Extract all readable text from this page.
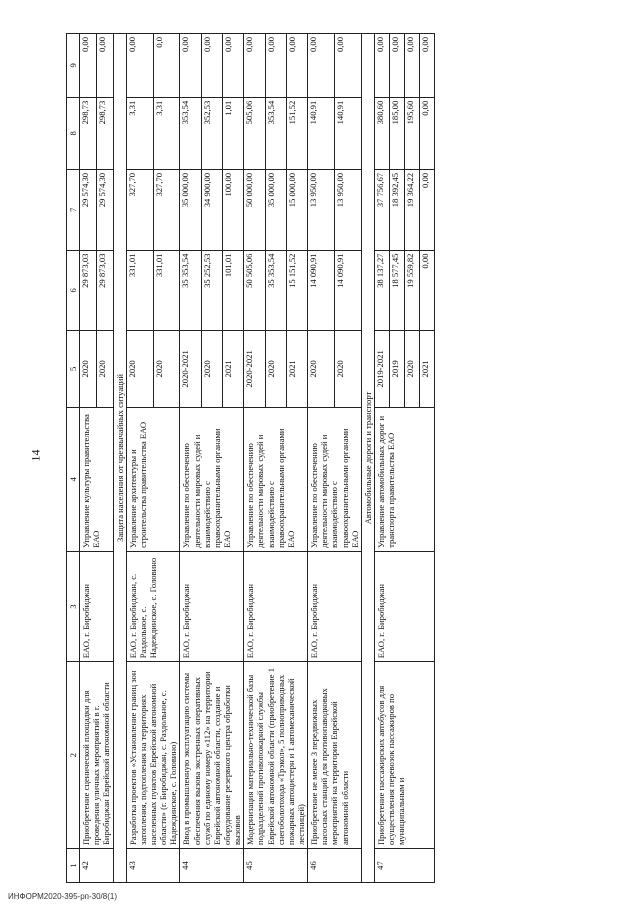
14
1	2	3	4	5	6	7	8	9
42	Приобретение сценической площадки для проведения уличных мероприятий в г. Биробиджан Еврейской автономной области	ЕАО, г. Биробиджан	Управление культуры правительства ЕАО	2020	29 873,03	29 574,30	298,73	0,00
				2020	29 873,03	29 574,30	298,73	0,00
Защита населения от чрезвычайных ситуаций								
43	Разработка проектов «Установление границ зон затопления, подтопления на территориях населенных пунктов Еврейской автономной области» (г. Биробиджан, с. Раздольное, с. Надеждинское, с. Головино)	ЕАО, г. Биробиджан, с. Раздольное, с. Надеждинское, с. Головино	Управление архитектуры и строительства правительства ЕАО	2020	331,01	327,70	3,31	0,00
				2020	331,01	327,70	3,31	0,0
44	Ввод в промышленную эксплуатацию системы обеспечения вызова экстренных оперативных служб по единому номеру «112» на территории Еврейской автономной области, создание и оборудование резервного центра обработки вызовов	ЕАО, г. Биробиджан	Управление по обеспечению деятельности мировых судей и взаимодействию с правоохранительными органами ЕАО	2020-2021	35 353,54	35 000,00	353,54	0,00
				2020	35 252,53	34 900,00	352,53	0,00
				2021	101,01	100,00	1,01	0,00
45	Модернизация материально-технической базы подразделений противопожарной службы Еврейской автономной области (приобретение 1 снегоболотохода «Трэкол», 5 полноприводных пожарных автоцистерн и 1 автомеханической лестницей)	ЕАО, г. Биробиджан	Управление по обеспечению деятельности мировых судей и взаимодействию с правоохранительными органами ЕАО	2020-2021	50 505,06	50 000,00	505,06	0,00
				2020	35 353,54	35 000,00	353,54	0,00
				2021	15 151,52	15 000,00	151,52	0,00
46	Приобретение не менее 3 передвижных насосных станций для противопаводковых мероприятий на территории Еврейской автономной области	ЕАО, г. Биробиджан	Управление по обеспечению деятельности мировых судей и взаимодействию с правоохранительными органами ЕАО	2020	14 090,91	13 950,00	140,91	0,00
				2020	14 090,91	13 950,00	140,91	0,00
Автомобильные дороги и транспорт								
47	Приобретение пассажирских автобусов для осуществления перевозок пассажиров по муниципальным и	ЕАО, г. Биробиджан	Управление автомобильных дорог и транспорта правительства ЕАО	2019-2021	38 137,27	37 756,67	380,60	0,00
				2019	18 577,45	18 392,45	185,00	0,00
				2020	19 559,82	19 364,22	195,60	0,00
				2021	0,00	0,00	0,00	0,00
ИНФОРМ2020-395-рп-30/8(1)
